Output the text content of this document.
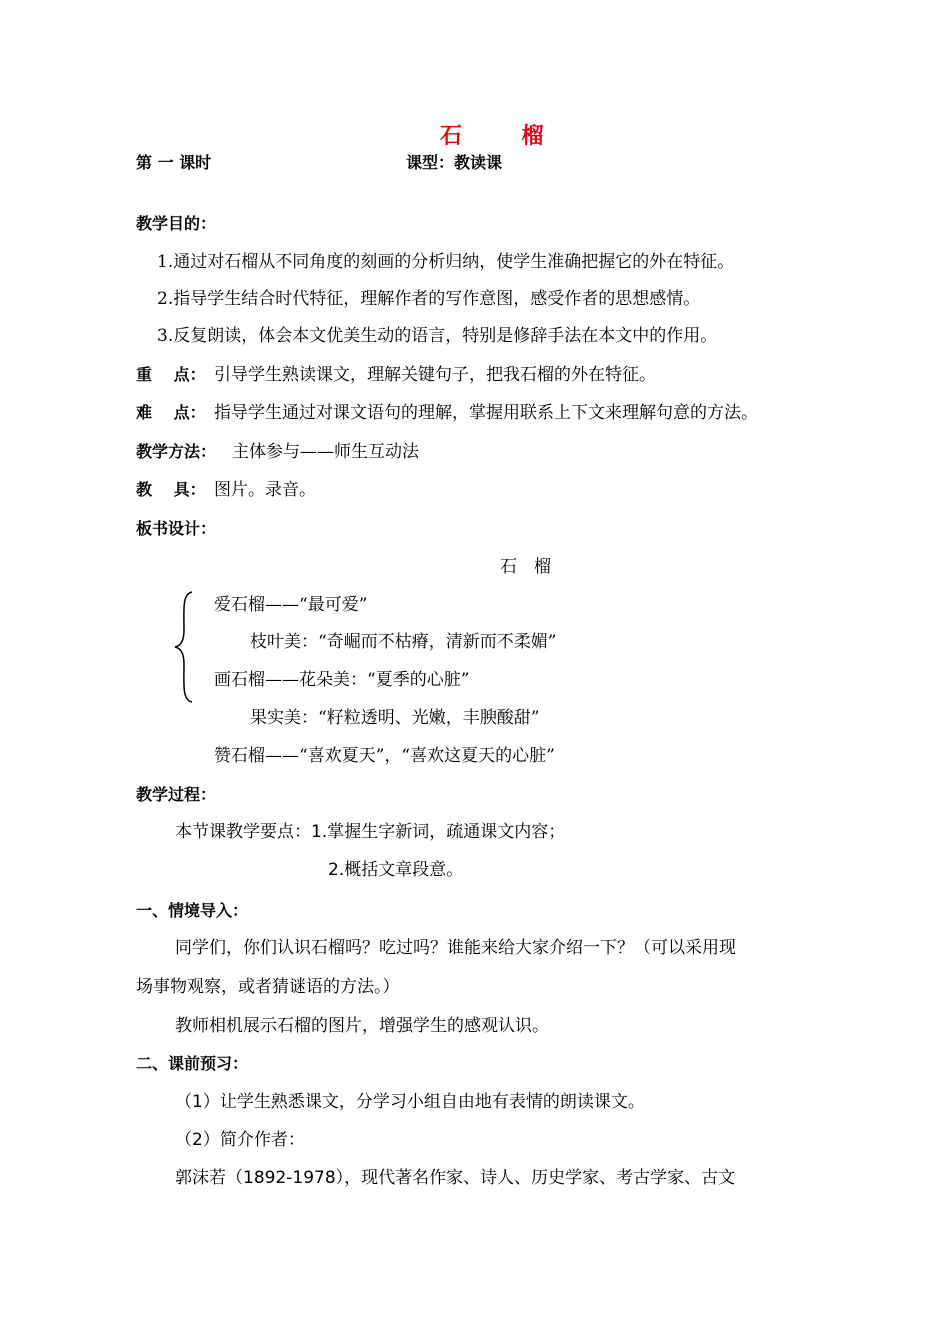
石 榴
第 一 课时	课型：教读课
教学目的：
1.通过对石榴从不同角度的刻画的分析归纳，使学生准确把握它的外在特征。
2.指导学生结合时代特征，理解作者的写作意图，感受作者的思想感情。
3.反复朗读，体会本文优美生动的语言，特别是修辞手法在本文中的作用。
重　 点： 引导学生熟读课文，理解关键句子，把我石榴的外在特征。
难　 点： 指导学生通过对课文语句的理解，掌握用联系上下文来理解句意的方法。
教学方法： 主体参与——师生互动法
教　 具： 图片。录音。
板书设计：
石　榴
爱石榴——“最可爱”
枝叶美：“奇崛而不枯瘠，清新而不柔媚”
画石榴——花朵美：“夏季的心脏”
果实美：“籽粒透明、光嫩，丰腴酸甜”
赞石榴——“喜欢夏天”，“喜欢这夏天的心脏”
教学过程：
本节课教学要点：1.掌握生字新词，疏通课文内容；
2.概括文章段意。
一、情境导入：
同学们，你们认识石榴吗？吃过吗？谁能来给大家介绍一下？（可以采用现
场事物观察，或者猜谜语的方法。）
教师相机展示石榴的图片，增强学生的感观认识。
二、课前预习：
（1）让学生熟悉课文，分学习小组自由地有表情的朗读课文。
（2）简介作者：
郭沫若（1892-1978），现代著名作家、诗人、历史学家、考古学家、古文
